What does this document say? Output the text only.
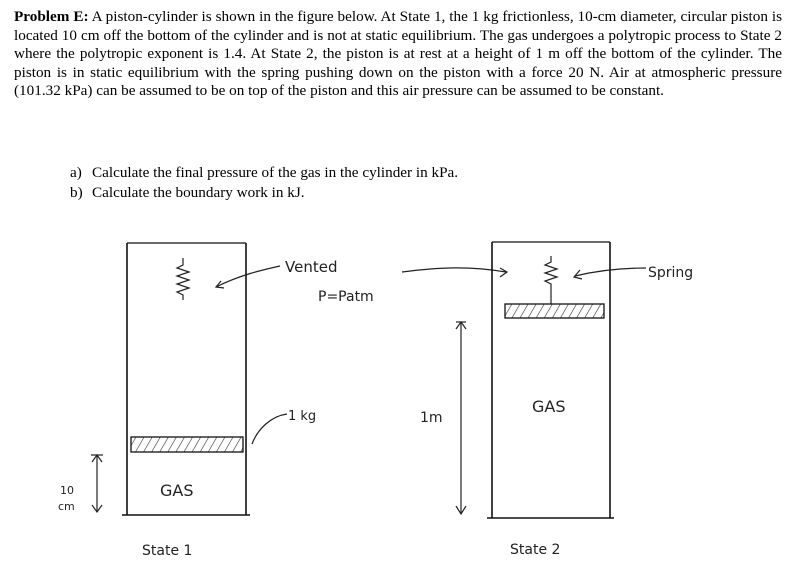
Problem E: A piston-cylinder is shown in the figure below. At State 1, the 1 kg frictionless, 10-cm diameter, circular piston is located 10 cm off the bottom of the cylinder and is not at static equilibrium. The gas undergoes a polytropic process to State 2 where the polytropic exponent is 1.4. At State 2, the piston is at rest at a height of 1 m off the bottom of the cylinder. The piston is in static equilibrium with the spring pushing down on the piston with a force 20 N. Air at atmospheric pressure (101.32 kPa) can be assumed to be on top of the piston and this air pressure can be assumed to be constant.
a) Calculate the final pressure of the gas in the cylinder in kPa.
b) Calculate the boundary work in kJ.
GAS
10
cm
Vented
P=Patm
1 kg
State 1
GAS
Spring
1m
State 2
